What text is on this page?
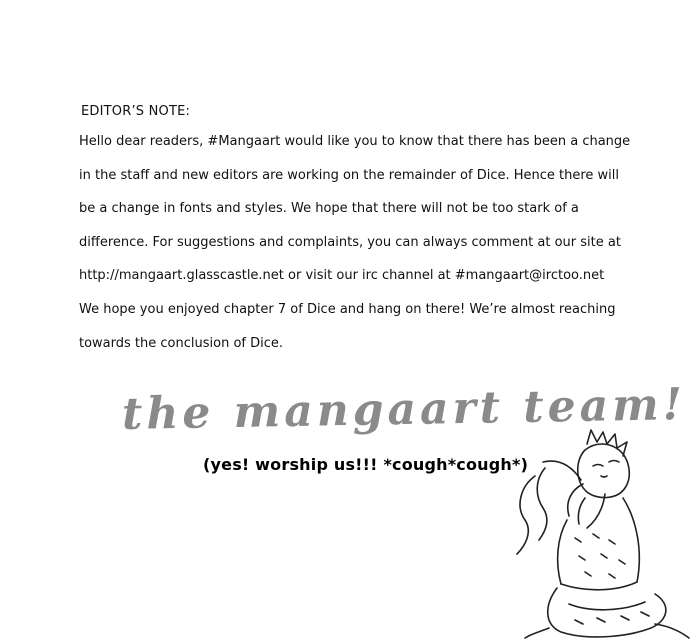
EDITOR’S NOTE:
Hello dear readers, #Mangaart would like you to know that there has been a change
in the staff and new editors are working on the remainder of Dice. Hence there will
be a change in fonts and styles. We hope that there will not be too stark of a
difference. For suggestions and complaints, you can always comment at our site at
http://mangaart.glasscastle.net or visit our irc channel at #mangaart@irctoo.net
We hope you enjoyed chapter 7 of Dice and hang on there! We’re almost reaching
towards the conclusion of Dice.
the mangaart team!
(yes! worship us!!! *cough*cough*)
